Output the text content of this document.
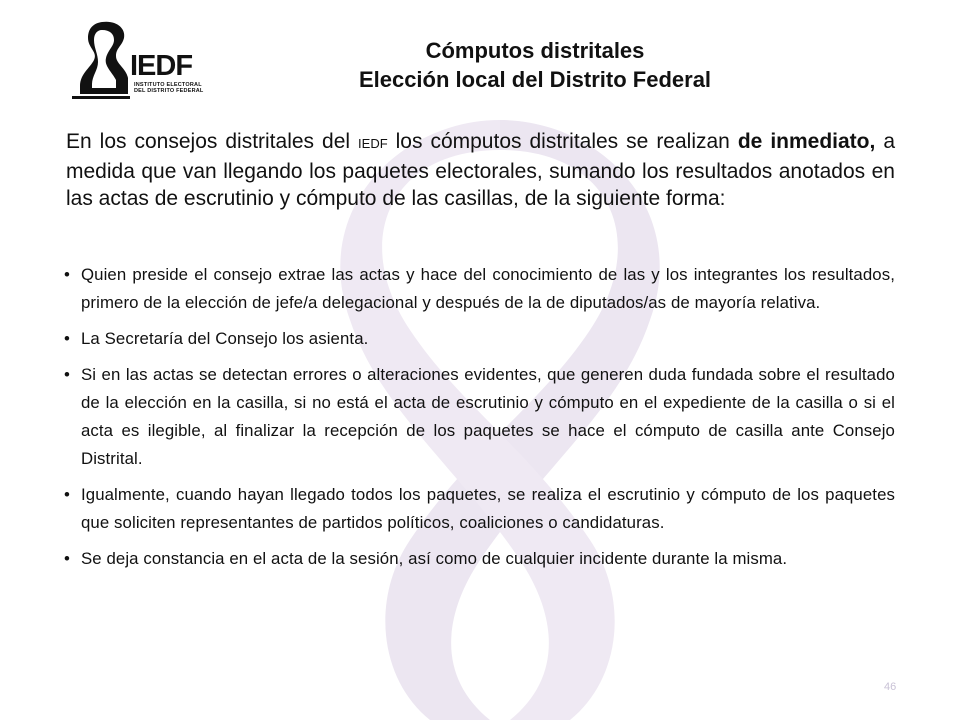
IEDF
INSTITUTO ELECTORAL
DEL DISTRITO FEDERAL
Cómputos distritales
Elección local del Distrito Federal

En los consejos distritales del IEDF los cómputos distritales se realizan de inmediato, a medida que van llegando los paquetes electorales, sumando los resultados anotados en las actas de escrutinio y cómputo de las casillas, de la siguiente forma:

• Quien preside el consejo extrae las actas y hace del conocimiento de las y los integrantes los resultados, primero de la elección de jefe/a delegacional y después de la de diputados/as de mayoría relativa.
• La Secretaría del Consejo los asienta.
• Si en las actas se detectan errores o alteraciones evidentes, que generen duda fundada sobre el resultado de la elección en la casilla, si no está el acta de escrutinio y cómputo en el expediente de la casilla o si el acta es ilegible, al finalizar la recepción de los paquetes se hace el cómputo de casilla ante Consejo Distrital.
• Igualmente, cuando hayan llegado todos los paquetes, se realiza el escrutinio y cómputo de los paquetes que soliciten representantes de partidos políticos, coaliciones o candidaturas.
• Se deja constancia en el acta de la sesión, así como de cualquier incidente durante la misma.
46
